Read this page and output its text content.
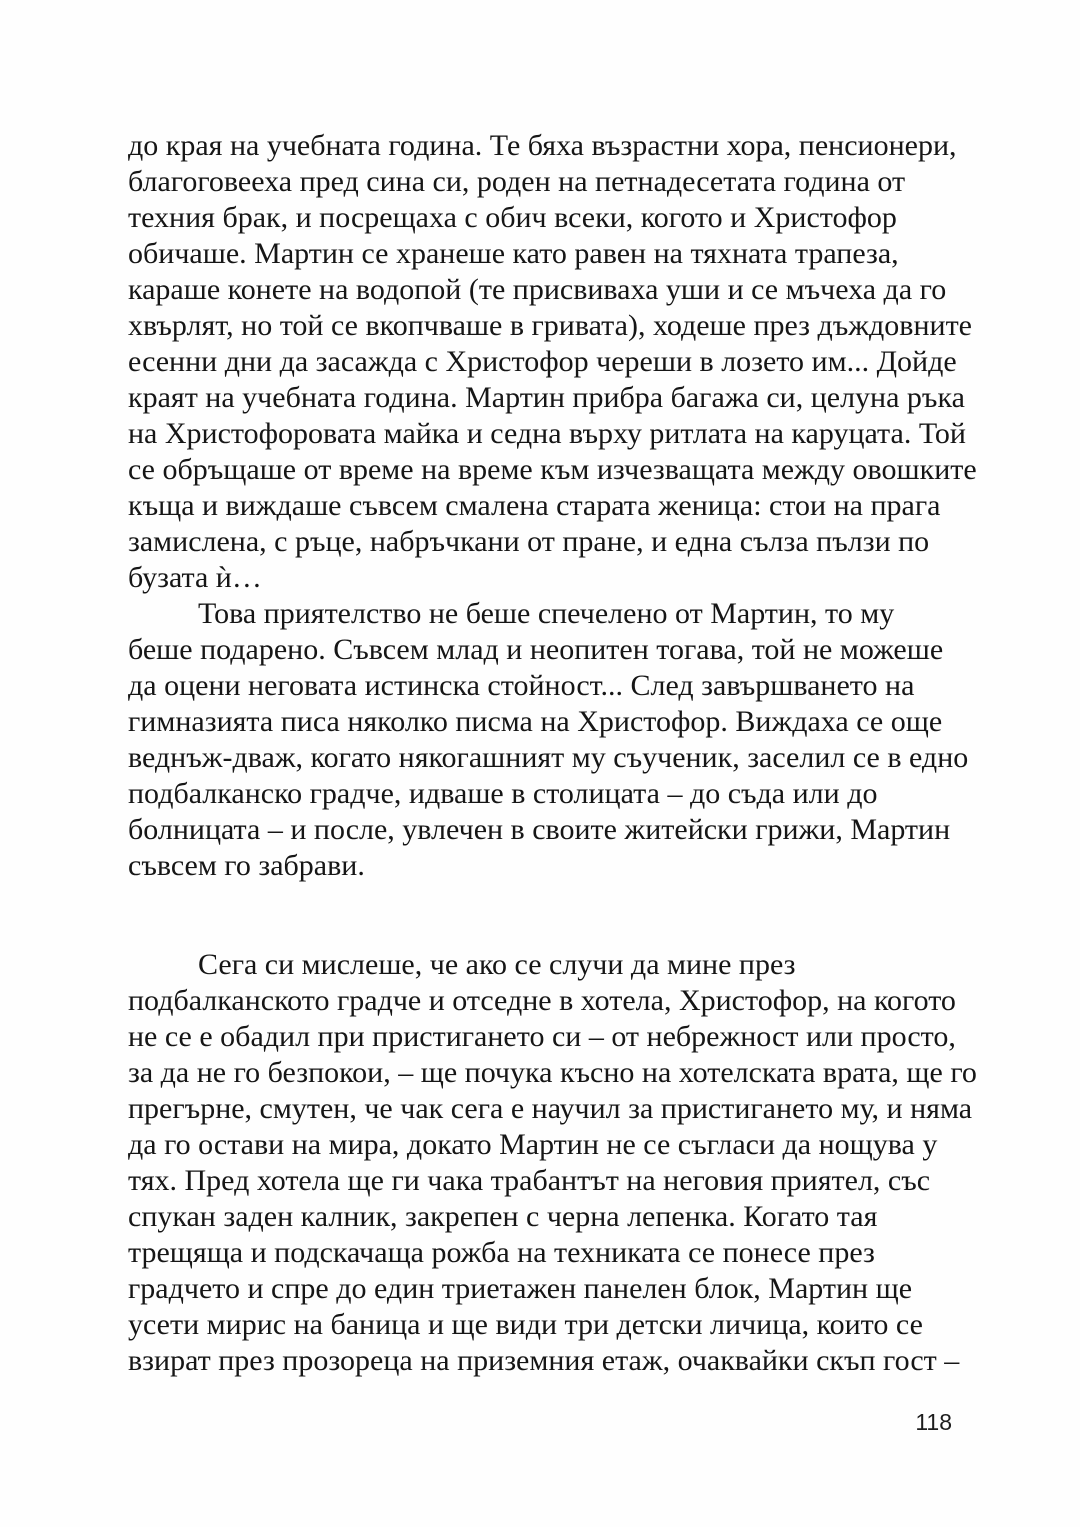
до края на учебната година. Те бяха възрастни хора, пенсионери,
благоговееха пред сина си, роден на петнадесетата година от
техния брак, и посрещаха с обич всеки, когото и Христофор
обичаше. Мартин се хранеше като равен на тяхната трапеза,
караше конете на водопой (те присвиваха уши и се мъчеха да го
хвърлят, но той се вкопчваше в гривата), ходеше през дъждовните
есенни дни да засажда с Христофор череши в лозето им... Дойде
краят на учебната година. Мартин прибра багажа си, целуна ръка
на Христофоровата майка и седна върху ритлата на каруцата. Той
се обръщаше от време на време към изчезващата между овошките
къща и виждаше съвсем смалена старата женица: стои на прага
замислена, с ръце, набръчкани от пране, и една сълза пълзи по
бузата ѝ…

Това приятелство не беше спечелено от Мартин, то му
беше подарено. Съвсем млад и неопитен тогава, той не можеше
да оцени неговата истинска стойност... След завършването на
гимназията писа няколко писма на Христофор. Виждаха се още
веднъж-дваж, когато някогашният му съученик, заселил се в едно
подбалканско градче, идваше в столицата – до съда или до
болницата – и после, увлечен в своите житейски грижи, Мартин
съвсем го забрави.

Сега си мислеше, че ако се случи да мине през
подбалканското градче и отседне в хотела, Христофор, на когото
не се е обадил при пристигането си – от небрежност или просто,
за да не го безпокои, – ще почука късно на хотелската врата, ще го
прегърне, смутен, че чак сега е научил за пристигането му, и няма
да го остави на мира, докато Мартин не се съгласи да нощува у
тях. Пред хотела ще ги чака трабантът на неговия приятел, със
спукан заден калник, закрепен с черна лепенка. Когато тая
трещяща и подскачаща рожба на техниката се понесе през
градчето и спре до един триетажен панелен блок, Мартин ще
усети мирис на баница и ще види три детски личица, които се
взират през прозореца на приземния етаж, очаквайки скъп гост –

118
